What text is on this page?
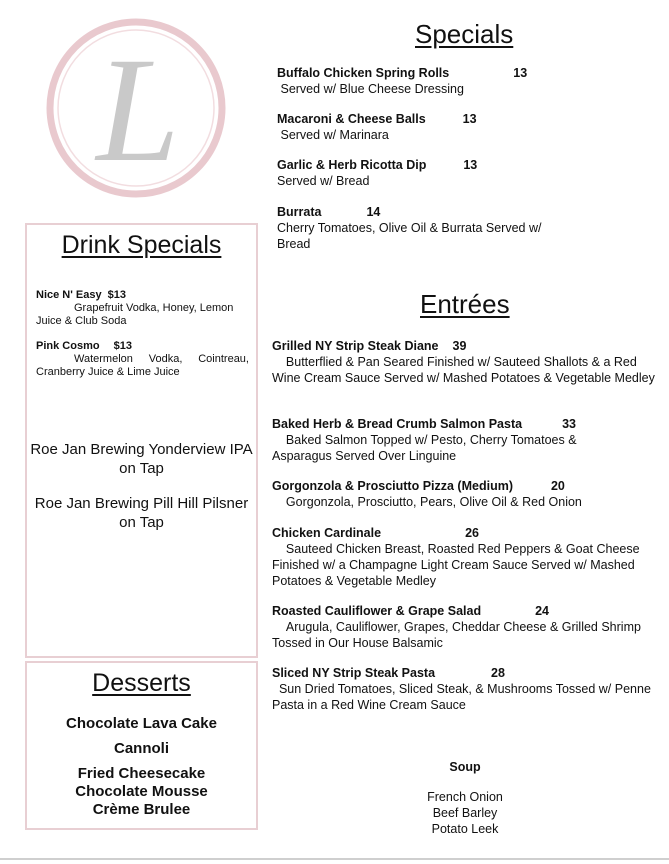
L
Drink Specials
Nice N' Easy $13
Grapefruit Vodka, Honey, Lemon Juice & Club Soda
Pink Cosmo $13
Watermelon Vodka, Cointreau, Cranberry Juice & Lime Juice
Roe Jan Brewing Yonderview IPA on Tap
Roe Jan Brewing Pill Hill Pilsner on Tap
Desserts
Chocolate Lava Cake
Cannoli
Fried Cheesecake
Chocolate Mousse
Crème Brulee
Specials
Buffalo Chicken Spring Rolls	13
Served w/ Blue Cheese Dressing
Macaroni & Cheese Balls	13
Served w/ Marinara
Garlic & Herb Ricotta Dip	13
Served w/ Bread
Burrata	14
Cherry Tomatoes, Olive Oil & Burrata Served w/ Bread
Entrées
Grilled NY Strip Steak Diane 39
Butterflied & Pan Seared Finished w/ Sauteed Shallots & a Red Wine Cream Sauce Served w/ Mashed Potatoes & Vegetable Medley
Baked Herb & Bread Crumb Salmon Pasta	33
Baked Salmon Topped w/ Pesto, Cherry Tomatoes & Asparagus Served Over Linguine
Gorgonzola & Prosciutto Pizza (Medium)	20
Gorgonzola, Prosciutto, Pears, Olive Oil & Red Onion
Chicken Cardinale	26
Sauteed Chicken Breast, Roasted Red Peppers & Goat Cheese Finished w/ a Champagne Light Cream Sauce Served w/ Mashed Potatoes & Vegetable Medley
Roasted Cauliflower & Grape Salad	24
Arugula, Cauliflower, Grapes, Cheddar Cheese & Grilled Shrimp Tossed in Our House Balsamic
Sliced NY Strip Steak Pasta	28
Sun Dried Tomatoes, Sliced Steak, & Mushrooms Tossed w/ Penne Pasta in a Red Wine Cream Sauce
Soup
French Onion
Beef Barley
Potato Leek
